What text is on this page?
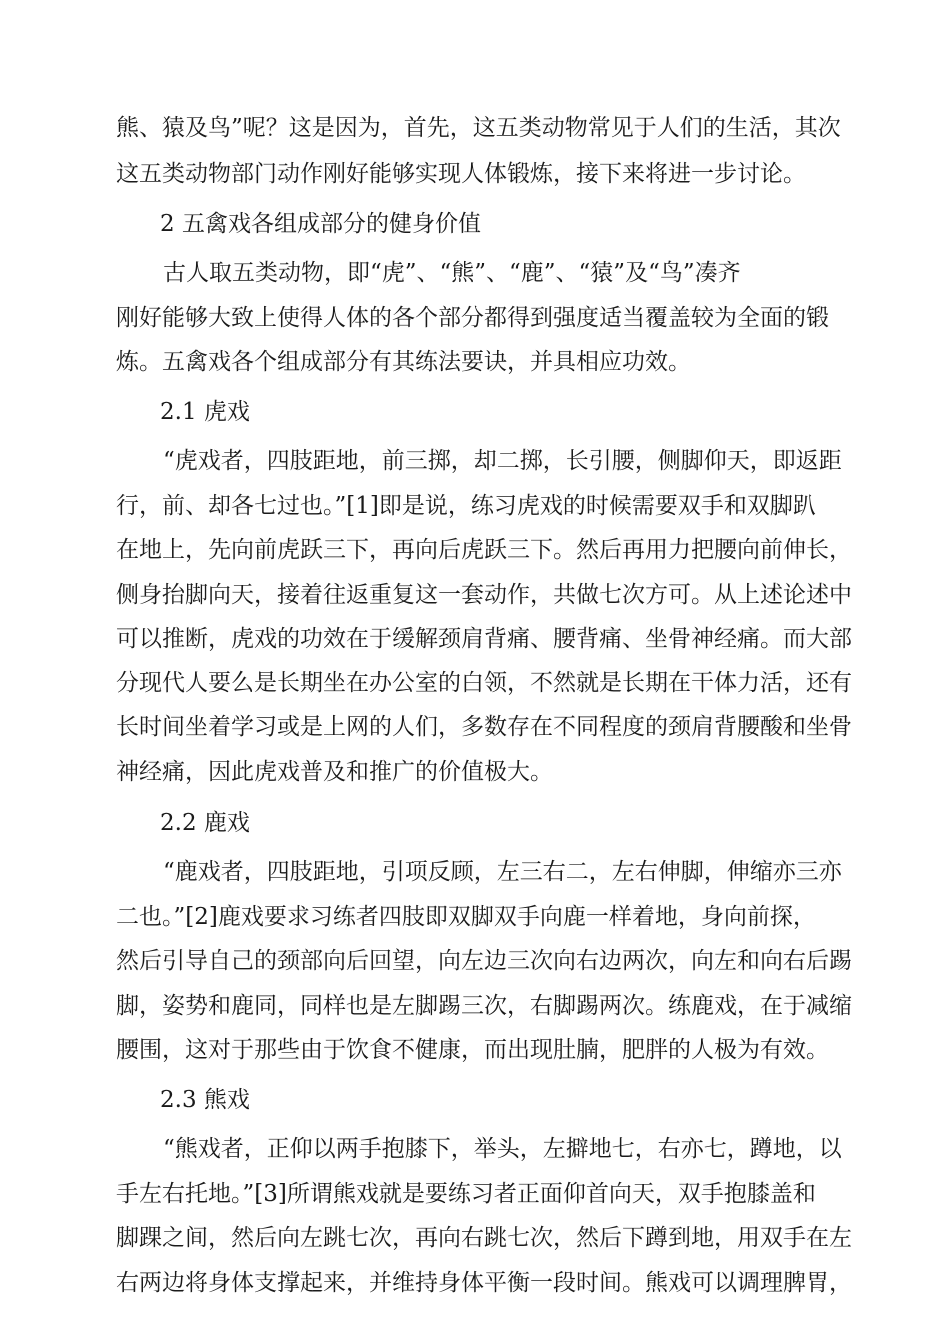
熊、猿及鸟”呢？这是因为，首先，这五类动物常见于人们的生活，其次
这五类动物部门动作刚好能够实现人体锻炼，接下来将进一步讨论。
2 五禽戏各组成部分的健身价值
古人取五类动物，即“虎”、“熊”、“鹿”、“猿”及“鸟”凑齐
刚好能够大致上使得人体的各个部分都得到强度适当覆盖较为全面的锻
炼。五禽戏各个组成部分有其练法要诀，并具相应功效。
2.1 虎戏
“虎戏者，四肢距地，前三掷，却二掷，长引腰，侧脚仰天，即返距
行，前、却各七过也。”[1]即是说，练习虎戏的时候需要双手和双脚趴
在地上，先向前虎跃三下，再向后虎跃三下。然后再用力把腰向前伸长，
侧身抬脚向天，接着往返重复这一套动作，共做七次方可。从上述论述中
可以推断，虎戏的功效在于缓解颈肩背痛、腰背痛、坐骨神经痛。而大部
分现代人要么是长期坐在办公室的白领，不然就是长期在干体力活，还有
长时间坐着学习或是上网的人们，多数存在不同程度的颈肩背腰酸和坐骨
神经痛，因此虎戏普及和推广的价值极大。
2.2 鹿戏
“鹿戏者，四肢距地，引项反顾，左三右二，左右伸脚，伸缩亦三亦
二也。”[2]鹿戏要求习练者四肢即双脚双手向鹿一样着地，身向前探，
然后引导自己的颈部向后回望，向左边三次向右边两次，向左和向右后踢
脚，姿势和鹿同，同样也是左脚踢三次，右脚踢两次。练鹿戏，在于减缩
腰围，这对于那些由于饮食不健康，而出现肚腩，肥胖的人极为有效。
2.3 熊戏
“熊戏者，正仰以两手抱膝下，举头，左擗地七，右亦七，蹲地，以
手左右托地。”[3]所谓熊戏就是要练习者正面仰首向天，双手抱膝盖和
脚踝之间，然后向左跳七次，再向右跳七次，然后下蹲到地，用双手在左
右两边将身体支撑起来，并维持身体平衡一段时间。熊戏可以调理脾胃，
